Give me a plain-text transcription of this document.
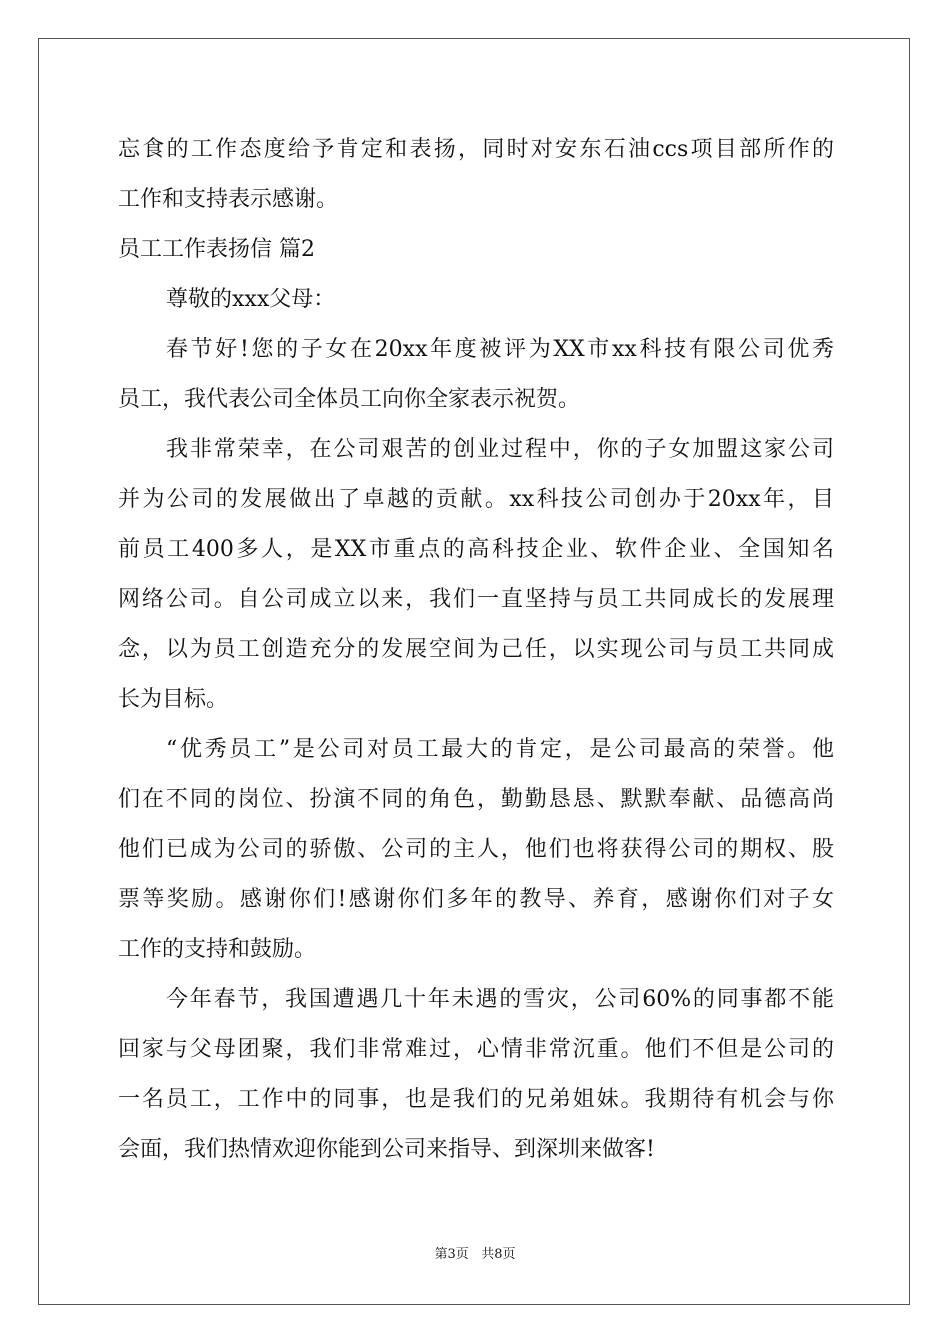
忘食的工作态度给予肯定和表扬，同时对安东石油ccs项目部所作的
工作和支持表示感谢。
员工工作表扬信 篇2
尊敬的xxx父母：
春节好!您的子女在20xx年度被评为XX市xx科技有限公司优秀
员工，我代表公司全体员工向你全家表示祝贺。
我非常荣幸，在公司艰苦的创业过程中，你的子女加盟这家公司
并为公司的发展做出了卓越的贡献。xx科技公司创办于20xx年，目
前员工400多人，是XX市重点的高科技企业、软件企业、全国知名
网络公司。自公司成立以来，我们一直坚持与员工共同成长的发展理
念，以为员工创造充分的发展空间为己任，以实现公司与员工共同成
长为目标。
“优秀员工”是公司对员工最大的肯定，是公司最高的荣誉。他
们在不同的岗位、扮演不同的角色，勤勤恳恳、默默奉献、品德高尚
他们已成为公司的骄傲、公司的主人，他们也将获得公司的期权、股
票等奖励。感谢你们!感谢你们多年的教导、养育，感谢你们对子女
工作的支持和鼓励。
今年春节，我国遭遇几十年未遇的雪灾，公司60%的同事都不能
回家与父母团聚，我们非常难过，心情非常沉重。他们不但是公司的
一名员工，工作中的同事，也是我们的兄弟姐妹。我期待有机会与你
会面，我们热情欢迎你能到公司来指导、到深圳来做客!
第3页 共8页
